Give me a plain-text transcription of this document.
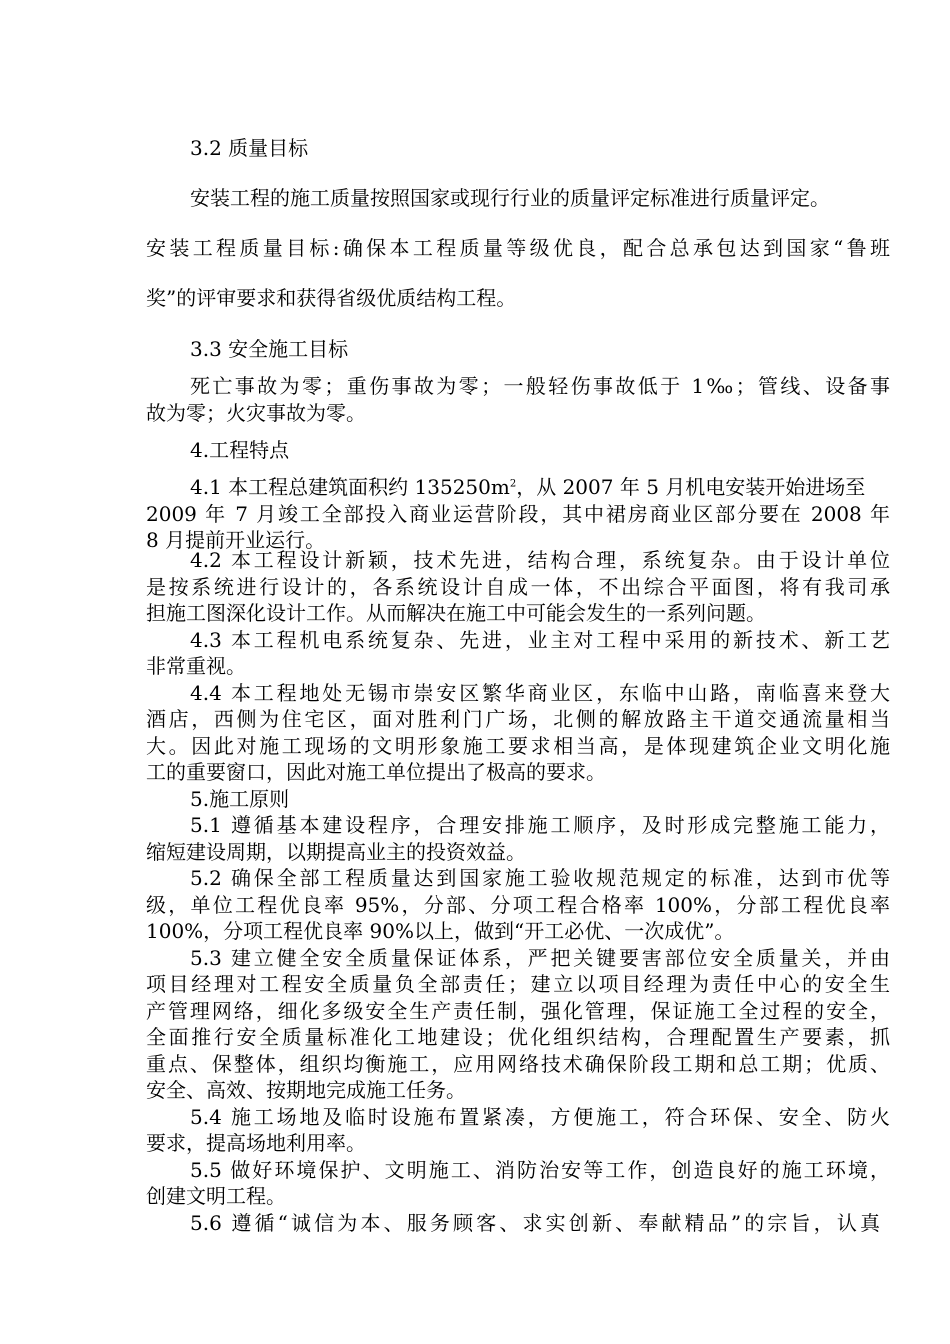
3.2 质量目标

安装工程的施工质量按照国家或现行行业的质量评定标准进行质量评定。

安装工程质量目标:确保本工程质量等级优良，配合总承包达到国家“鲁班

奖”的评审要求和获得省级优质结构工程。

3.3 安全施工目标

死亡事故为零；重伤事故为零；一般轻伤事故低于 1‰；管线、设备事

故为零；火灾事故为零。

4.工程特点

4.1 本工程总建筑面积约 $135250m^2$，从 2007 年 5 月机电安装开始进场至

2009 年 7 月竣工全部投入商业运营阶段，其中裙房商业区部分要在 2008 年

8 月提前开业运行。

4.2 本工程设计新颖，技术先进，结构合理，系统复杂。由于设计单位

是按系统进行设计的，各系统设计自成一体，不出综合平面图，将有我司承

担施工图深化设计工作。从而解决在施工中可能会发生的一系列问题。

4.3 本工程机电系统复杂、先进，业主对工程中采用的新技术、新工艺

非常重视。

4.4 本工程地处无锡市崇安区繁华商业区，东临中山路，南临喜来登大

酒店，西侧为住宅区，面对胜利门广场，北侧的解放路主干道交通流量相当

大。因此对施工现场的文明形象施工要求相当高，是体现建筑企业文明化施

工的重要窗口，因此对施工单位提出了极高的要求。

5.施工原则

5.1 遵循基本建设程序，合理安排施工顺序，及时形成完整施工能力，

缩短建设周期，以期提高业主的投资效益。

5.2 确保全部工程质量达到国家施工验收规范规定的标准，达到市优等

级，单位工程优良率 95%，分部、分项工程合格率 100%，分部工程优良率

100%，分项工程优良率 90%以上，做到“开工必优、一次成优”。

5.3 建立健全安全质量保证体系，严把关键要害部位安全质量关，并由

项目经理对工程安全质量负全部责任；建立以项目经理为责任中心的安全生

产管理网络，细化多级安全生产责任制，强化管理，保证施工全过程的安全，

全面推行安全质量标准化工地建设；优化组织结构，合理配置生产要素，抓

重点、保整体，组织均衡施工，应用网络技术确保阶段工期和总工期；优质、

安全、高效、按期地完成施工任务。

5.4 施工场地及临时设施布置紧凑，方便施工，符合环保、安全、防火

要求，提高场地利用率。

5.5 做好环境保护、文明施工、消防治安等工作，创造良好的施工环境，

创建文明工程。

5.6 遵循“诚信为本、服务顾客、求实创新、奉献精品”的宗旨，认真
